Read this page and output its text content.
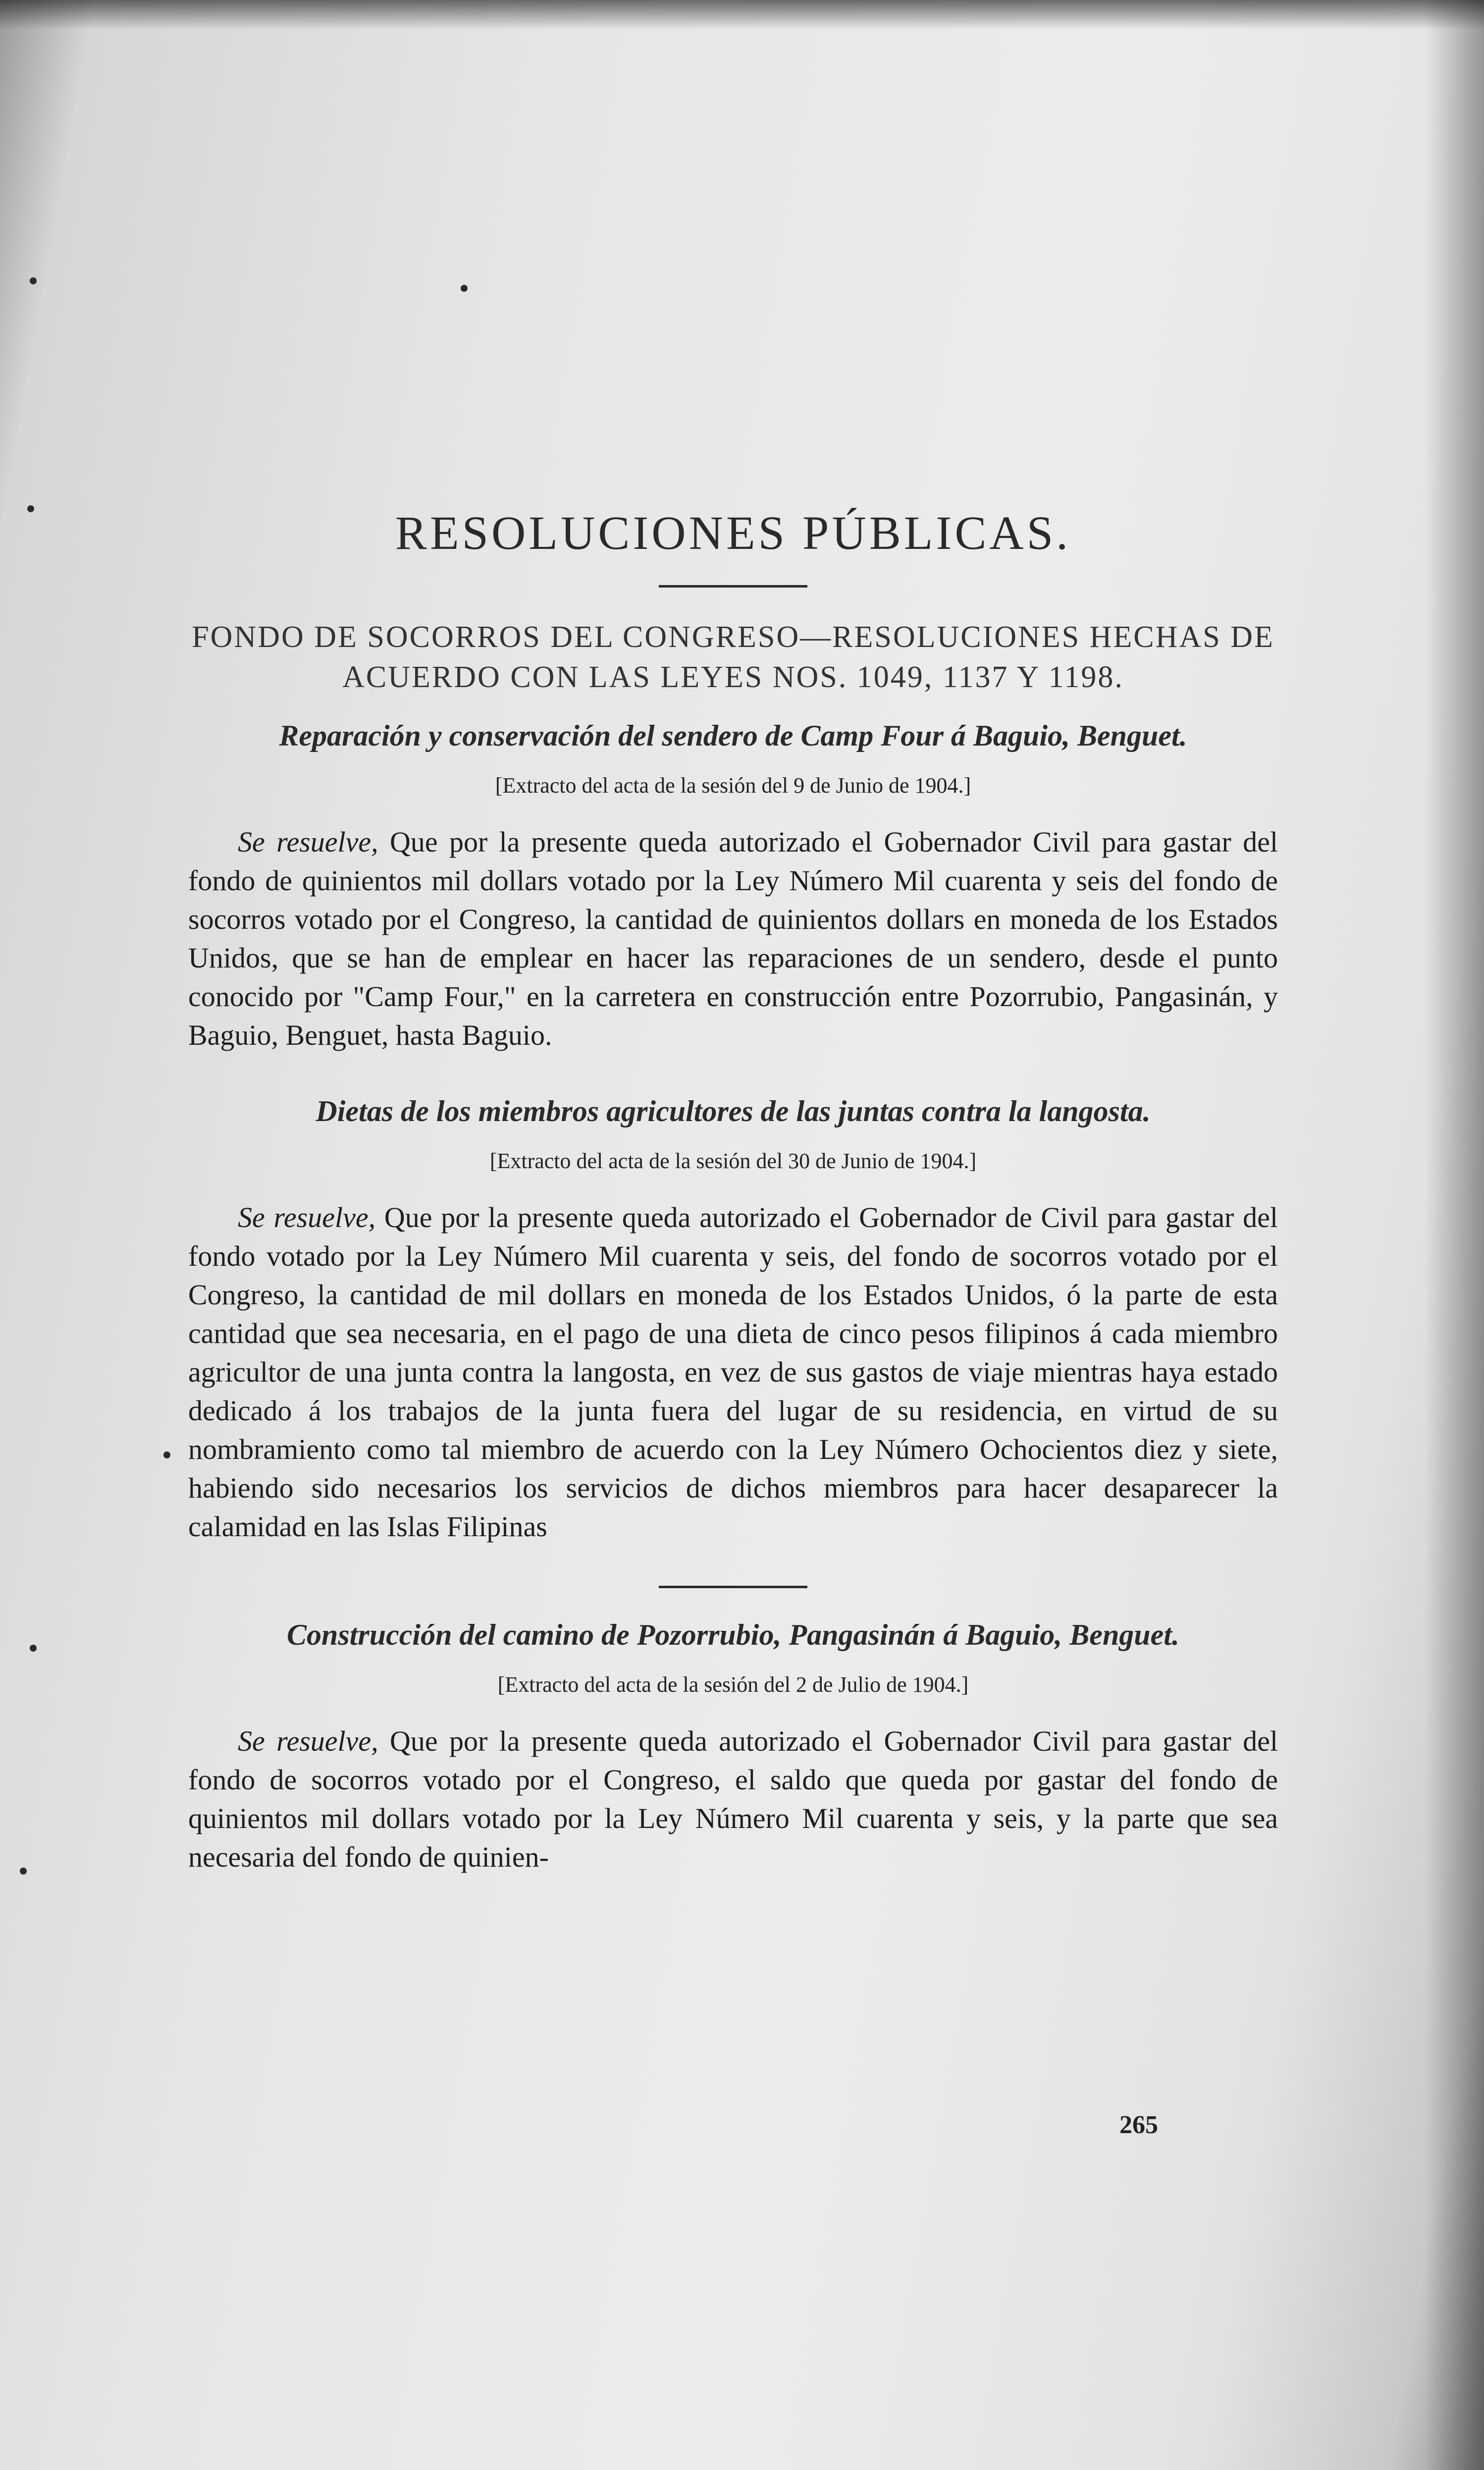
RESOLUCIONES PÚBLICAS.
FONDO DE SOCORROS DEL CONGRESO—RESOLUCIONES HECHAS DE ACUERDO CON LAS LEYES NOS. 1049, 1137 Y 1198.
Reparación y conservación del sendero de Camp Four á Baguio, Benguet.
[Extracto del acta de la sesión del 9 de Junio de 1904.]

Se resuelve, Que por la presente queda autorizado el Gobernador Civil para gastar del fondo de quinientos mil dollars votado por la Ley Número Mil cuarenta y seis del fondo de socorros votado por el Congreso, la cantidad de quinientos dollars en moneda de los Estados Unidos, que se han de emplear en hacer las reparaciones de un sendero, desde el punto conocido por "Camp Four," en la carretera en construcción entre Pozorrubio, Pangasinán, y Baguio, Benguet, hasta Baguio.

Dietas de los miembros agricultores de las juntas contra la langosta.
[Extracto del acta de la sesión del 30 de Junio de 1904.]

Se resuelve, Que por la presente queda autorizado el Gobernador de Civil para gastar del fondo votado por la Ley Número Mil cuarenta y seis, del fondo de socorros votado por el Congreso, la cantidad de mil dollars en moneda de los Estados Unidos, ó la parte de esta cantidad que sea necesaria, en el pago de una dieta de cinco pesos filipinos á cada miembro agricultor de una junta contra la langosta, en vez de sus gastos de viaje mientras haya estado dedicado á los trabajos de la junta fuera del lugar de su residencia, en virtud de su nombramiento como tal miembro de acuerdo con la Ley Número Ochocientos diez y siete, habiendo sido necesarios los servicios de dichos miembros para hacer desaparecer la calamidad en las Islas Filipinas

Construcción del camino de Pozorrubio, Pangasinán á Baguio, Benguet.
[Extracto del acta de la sesión del 2 de Julio de 1904.]

Se resuelve, Que por la presente queda autorizado el Gobernador Civil para gastar del fondo de socorros votado por el Congreso, el saldo que queda por gastar del fondo de quinientos mil dollars votado por la Ley Número Mil cuarenta y seis, y la parte que sea necesaria del fondo de quinien-

265
